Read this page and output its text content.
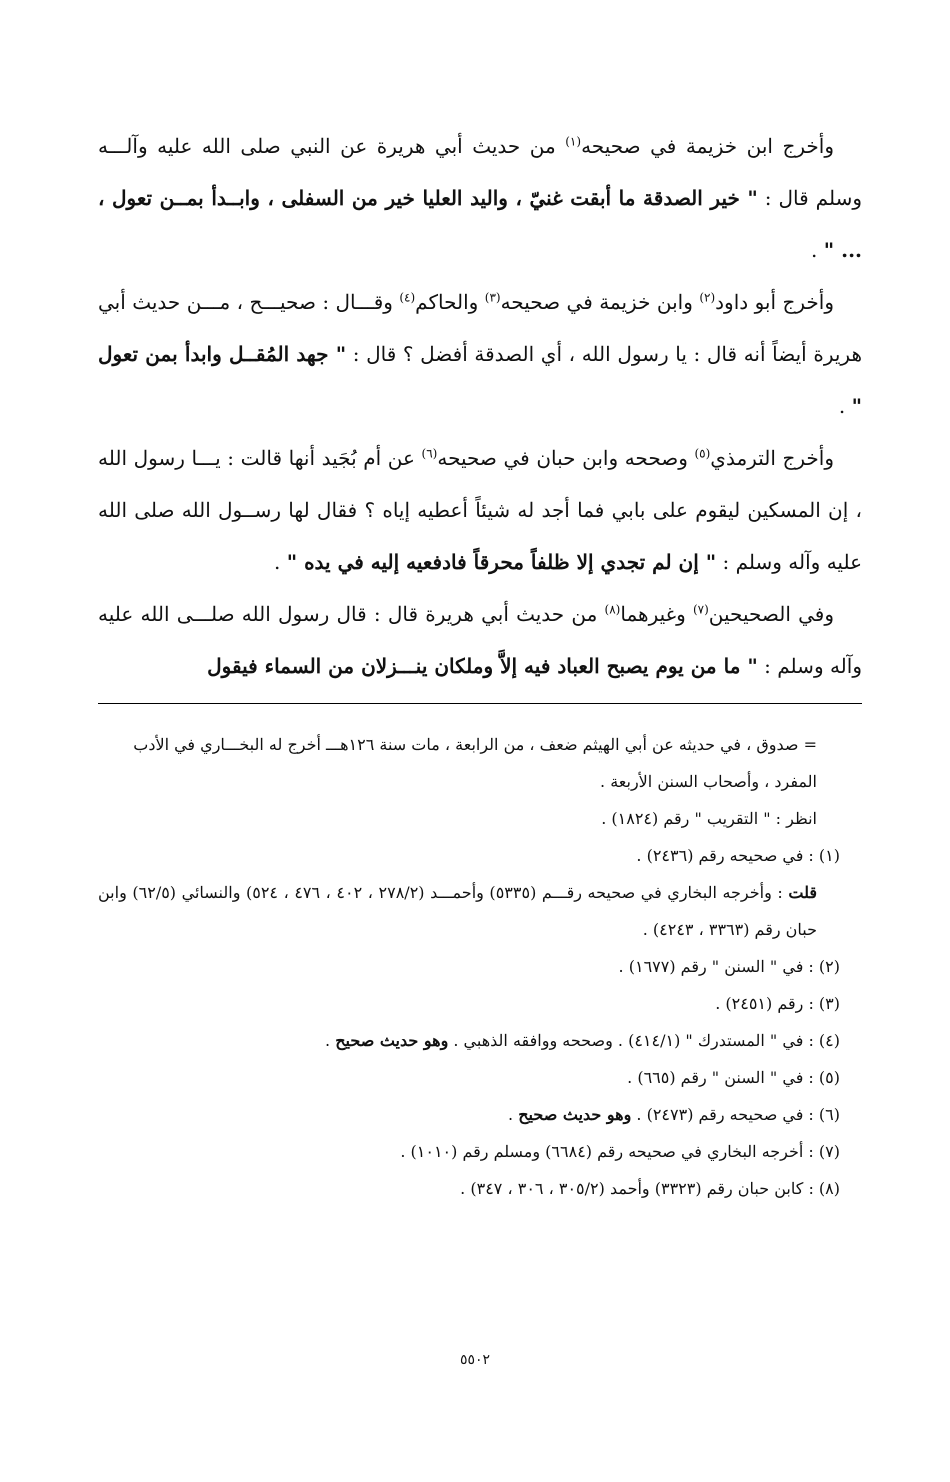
وأخرج ابن خزيمة في صحيحه$^{(١)}$ من حديث أبي هريرة عن النبي صلى الله عليه وآلـــه وسلم قال : " خير الصدقة ما أبقت غنيّ ، واليد العليا خير من السفلى ، وابــدأ بمــن تعول ، ... " .

وأخرج أبو داود$^{(٢)}$ وابن خزيمة في صحيحه$^{(٣)}$ والحاكم$^{(٤)}$ وقـــال : صحيـــح ، مـــن حديث أبي هريرة أيضاً أنه قال : يا رسول الله ، أي الصدقة أفضل ؟ قال : " جهد المُقــل وابدأ بمن تعول " .

وأخرج الترمذي$^{(٥)}$ وصححه وابن حبان في صحيحه$^{(٦)}$ عن أم بُجَيد أنها قالت : يـــا رسول الله ، إن المسكين ليقوم على بابي فما أجد له شيئاً أعطيه إياه ؟ فقال لها رســول الله صلى الله عليه وآله وسلم : " إن لم تجدي إلا ظلفاً محرقاً فادفعيه إليه في يده " .

وفي الصحيحين$^{(٧)}$ وغيرهما$^{(٨)}$ من حديث أبي هريرة قال : قال رسول الله صلـــى الله عليه وآله وسلم : " ما من يوم يصبح العباد فيه إلاَّ وملكان ينـــزلان من السماء فيقول

= صدوق ، في حديثه عن أبي الهيثم ضعف ، من الرابعة ، مات سنة ١٢٦هـــ أخرج له البخـــاري في الأدب المفرد ، وأصحاب السنن الأربعة .

انظر : " التقريب " رقم (١٨٢٤) .

(١) : في صحيحه رقم (٢٤٣٦) .

قلت : وأخرجه البخاري في صحيحه رقـــم (٥٣٣٥) وأحمـــد (٢٧٨/٢ ، ٤٠٢ ، ٤٧٦ ، ٥٢٤) والنسائي (٦٢/٥) وابن حبان رقم (٣٣٦٣ ، ٤٢٤٣) .

(٢) : في " السنن " رقم (١٦٧٧) .

(٣) : رقم (٢٤٥١) .

(٤) : في " المستدرك " (٤١٤/١) . وصححه ووافقه الذهبي . وهو حديث صحيح .

(٥) : في " السنن " رقم (٦٦٥) .

(٦) : في صحيحه رقم (٢٤٧٣) . وهو حديث صحيح .

(٧) : أخرجه البخاري في صحيحه رقم (٦٦٨٤) ومسلم رقم (١٠١٠) .

(٨) : كابن حبان رقم (٣٣٢٣) وأحمد (٣٠٥/٢ ، ٣٠٦ ، ٣٤٧) .

٥٥٠٢
